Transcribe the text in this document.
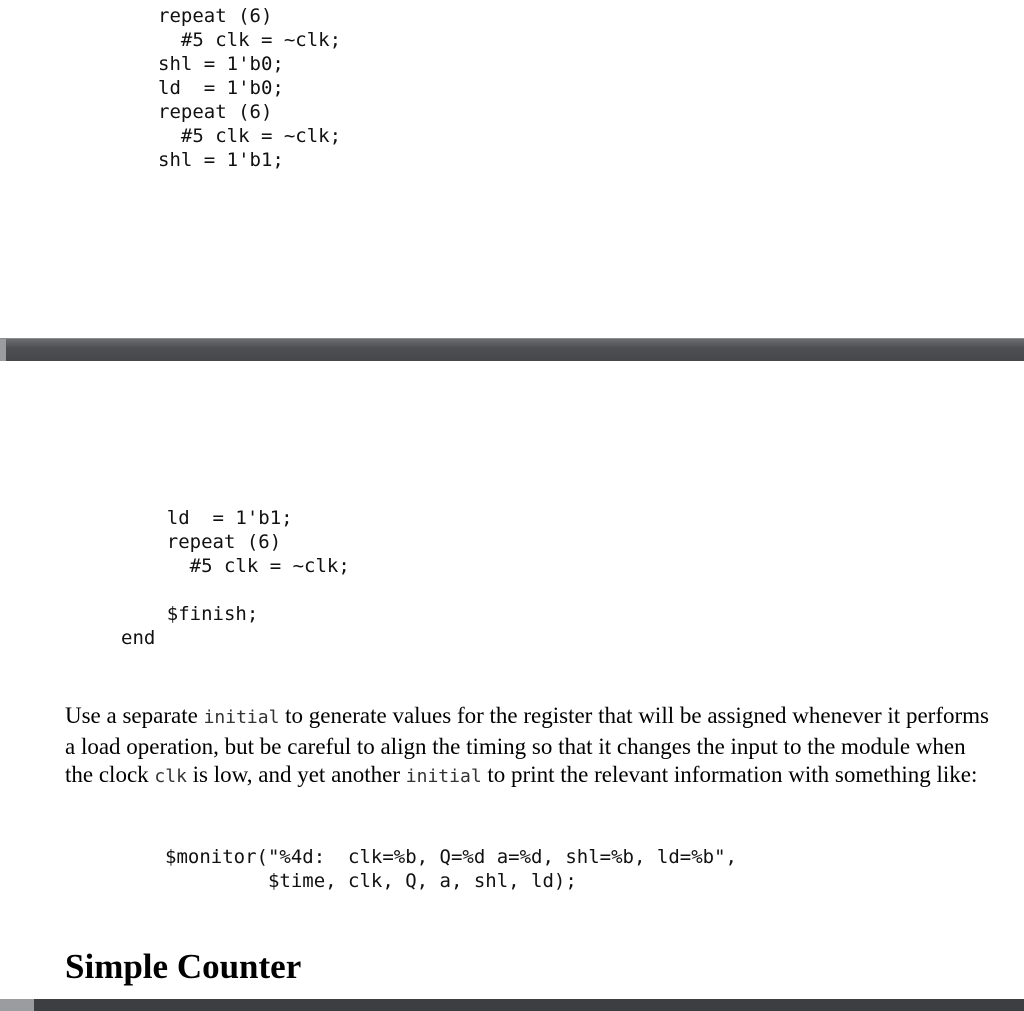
repeat (6)
#5 clk = ~clk;
shl = 1'b0;
ld  = 1'b0;
repeat (6)
#5 clk = ~clk;
shl = 1'b1;
ld  = 1'b1;
repeat (6)
#5 clk = ~clk;

$finish;
end

Use a separate initial to generate values for the register that will be assigned whenever it performs a load operation, but be careful to align the timing so that it changes the input to the module when the clock clk is low, and yet another initial to print the relevant information with something like:

$monitor("%4d:  clk=%b, Q=%d a=%d, shl=%b, ld=%b",
$time, clk, Q, a, shl, ld);
Simple Counter
